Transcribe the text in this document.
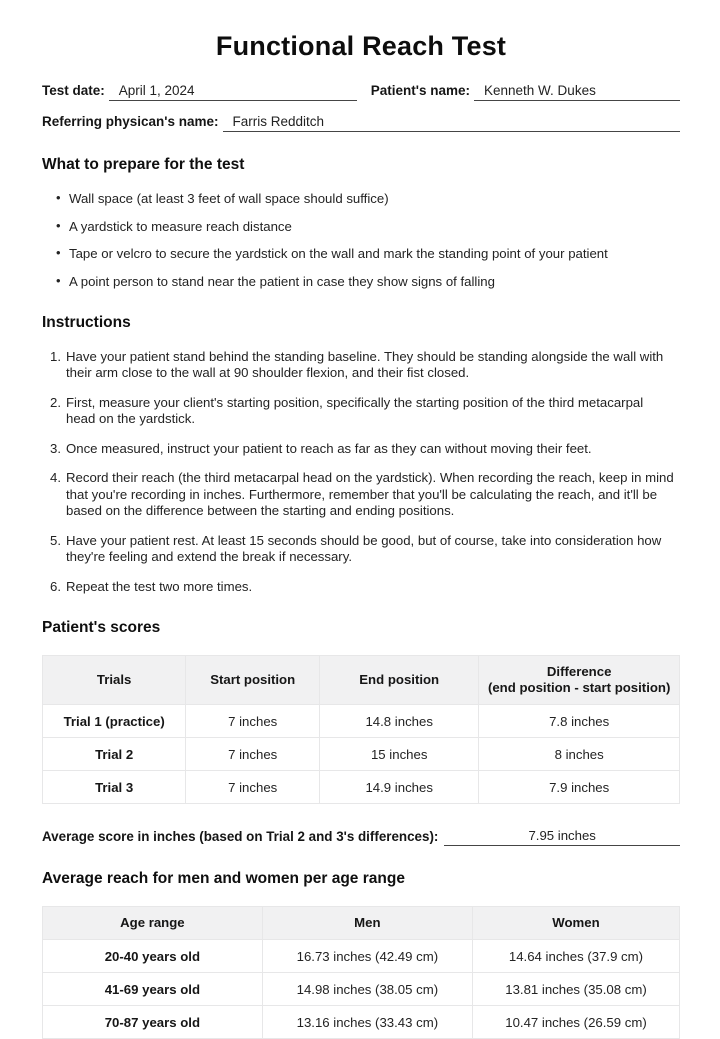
Functional Reach Test
Test date:	April 1, 2024	Patient's name:	Kenneth W. Dukes
Referring physican's name:	Farris Redditch
What to prepare for the test
• Wall space (at least 3 feet of wall space should suffice)
• A yardstick to measure reach distance
• Tape or velcro to secure the yardstick on the wall and mark the standing point of your patient
• A point person to stand near the patient in case they show signs of falling
Instructions
Have your patient stand behind the standing baseline. They should be standing alongside the wall with their arm close to the wall at 90 shoulder flexion, and their fist closed.
First, measure your client's starting position, specifically the starting position of the third metacarpal head on the yardstick.
Once measured, instruct your patient to reach as far as they can without moving their feet.
Record their reach (the third metacarpal head on the yardstick). When recording the reach, keep in mind that you're recording in inches. Furthermore, remember that you'll be calculating the reach, and it'll be based on the difference between the starting and ending positions.
Have your patient rest. At least 15 seconds should be good, but of course, take into consideration how they're feeling and extend the break if necessary.
Repeat the test two more times.
Patient's scores
Trials	Start position	End position	Difference
(end position - start position)

Trial 1 (practice)	7 inches	14.8 inches	7.8 inches
Trial 2	7 inches	15 inches	8 inches
Trial 3	7 inches	14.9 inches	7.9 inches
Average score in inches (based on Trial 2 and 3's differences):	7.95 inches
Average reach for men and women per age range
Age range	Men	Women
20-40 years old	16.73 inches (42.49 cm)	14.64 inches (37.9 cm)
41-69 years old	14.98 inches (38.05 cm)	13.81 inches (35.08 cm)
70-87 years old	13.16 inches (33.43 cm)	10.47 inches (26.59 cm)
